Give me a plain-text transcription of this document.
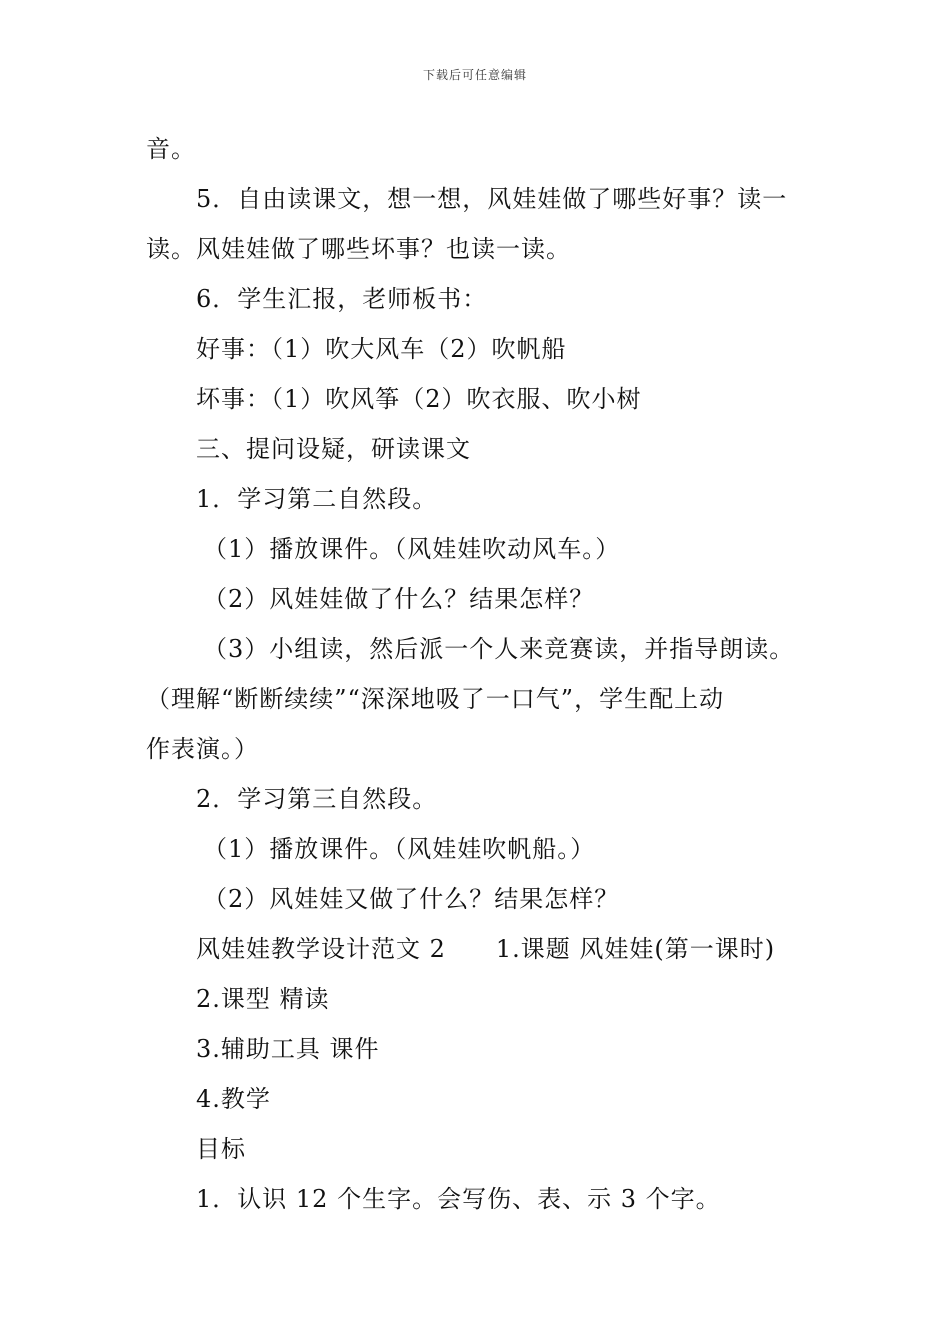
下载后可任意编辑
音。
5．自由读课文，想一想，风娃娃做了哪些好事？读一
读。风娃娃做了哪些坏事？也读一读。
6．学生汇报，老师板书：
好事：（1）吹大风车（2）吹帆船
坏事：（1）吹风筝（2）吹衣服、吹小树
三、提问设疑，研读课文
1．学习第二自然段。
（1）播放课件。（风娃娃吹动风车。）
（2）风娃娃做了什么？结果怎样？
（3）小组读，然后派一个人来竞赛读，并指导朗读。
（理解“断断续续”“深深地吸了一口气”，学生配上动
作表演。）
2．学习第三自然段。
（1）播放课件。（风娃娃吹帆船。）
（2）风娃娃又做了什么？结果怎样？
风娃娃教学设计范文 2 1.课题 风娃娃(第一课时)
2.课型 精读
3.辅助工具 课件
4.教学
目标
1．认识 12 个生字。会写伤、表、示 3 个字。
